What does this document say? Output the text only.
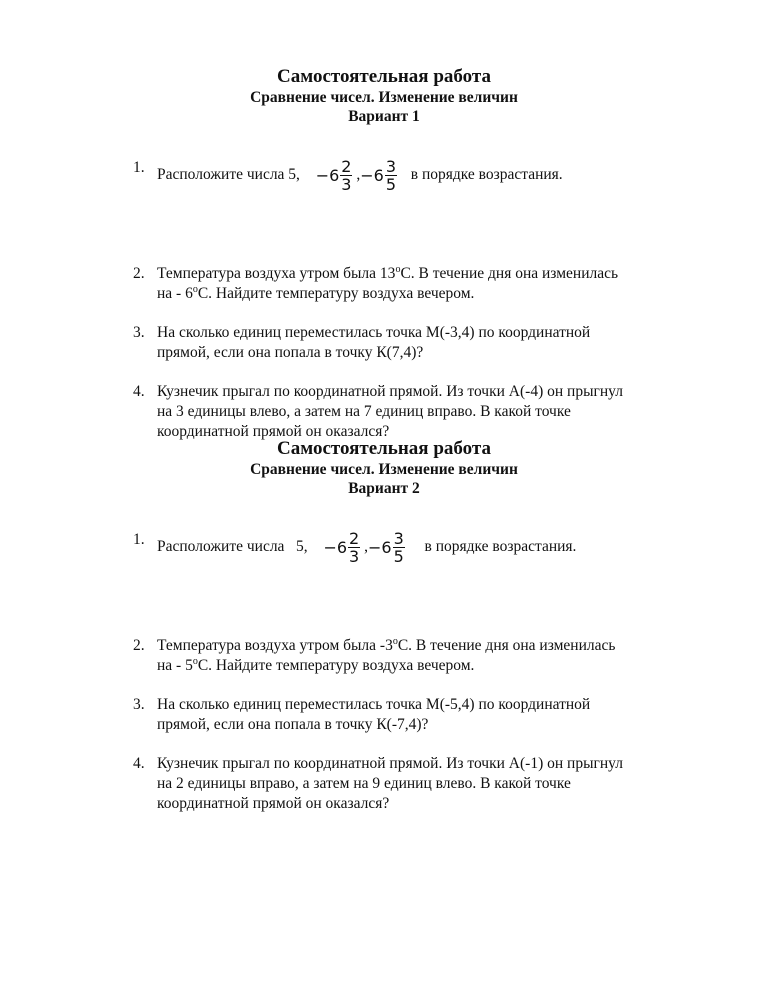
Самостоятельная работа
Сравнение чисел. Изменение величин
Вариант 1
1. Расположите числа 5, $-6 \frac{2}{3}$ , $-6 \frac{3}{5}$ в порядке возрастания.
2. Температура воздуха утром была $13^оС$. В течение дня она изменилась
на - $6^оС$. Найдите температуру воздуха вечером.
3. На сколько единиц переместилась точка М(-3,4) по координатной
прямой, если она попала в точку К(7,4)?
4. Кузнечик прыгал по координатной прямой. Из точки А(-4) он прыгнул
на 3 единицы влево, а затем на 7 единиц вправо. В какой точке
координатной прямой он оказался?
Самостоятельная работа
Сравнение чисел. Изменение величин
Вариант 2
1. Расположите числа   5, $-6 \frac{2}{3}$ , $-6 \frac{3}{5}$ в порядке возрастания.
2. Температура воздуха утром была $-3^оС$. В течение дня она изменилась
на - $5^оС$. Найдите температуру воздуха вечером.
3. На сколько единиц переместилась точка М(-5,4) по координатной
прямой, если она попала в точку К(-7,4)?
4. Кузнечик прыгал по координатной прямой. Из точки А(-1) он прыгнул
на 2 единицы вправо, а затем на 9 единиц влево. В какой точке
координатной прямой он оказался?
